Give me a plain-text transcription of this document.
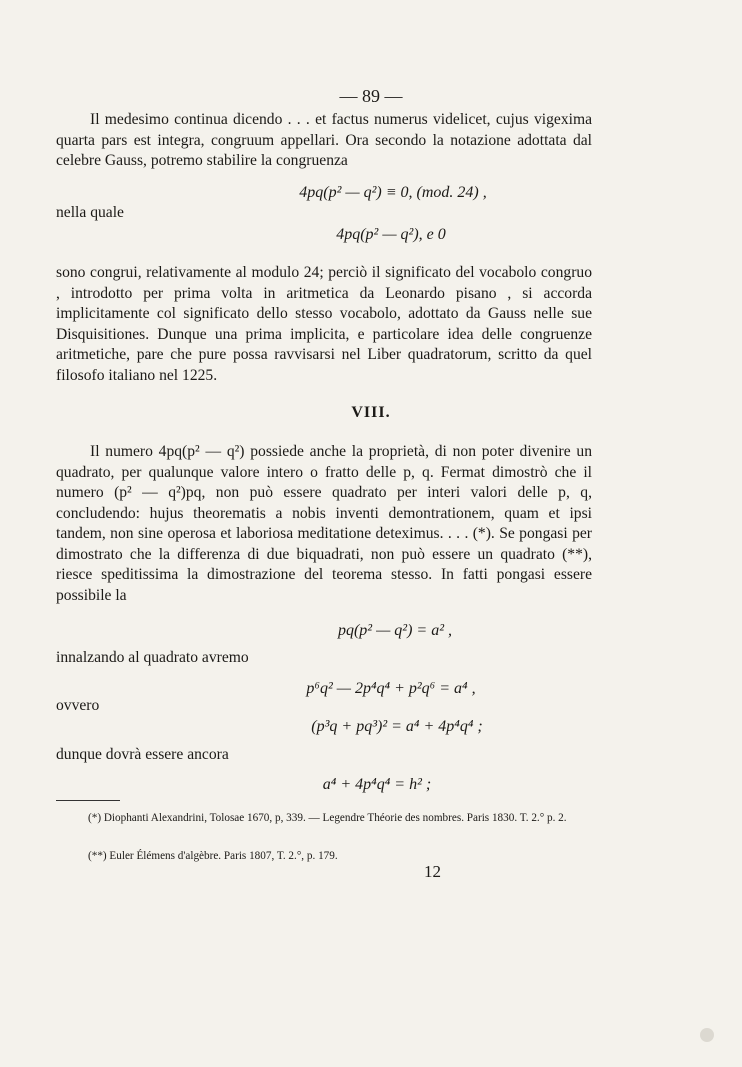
— 89 —

Il medesimo continua dicendo . . . et factus numerus videlicet, cujus vigexima quarta pars est integra, congruum appellari. Ora secondo la notazione adottata dal celebre Gauss, potremo stabilire la congruenza

4pq(p² — q²) ≡ 0, (mod. 24) ,
nella quale
4pq(p² — q²), e 0

sono congrui, relativamente al modulo 24; perciò il significato del vocabolo congruo , introdotto per prima volta in aritmetica da Leonardo pisano , si accorda implicitamente col significato dello stesso vocabolo, adottato da Gauss nelle sue Disquisitiones. Dunque una prima implicita, e particolare idea delle congruenze aritmetiche, pare che pure possa ravvisarsi nel Liber quadratorum, scritto da quel filosofo italiano nel 1225.

VIII.

Il numero 4pq(p² — q²) possiede anche la proprietà, di non poter divenire un quadrato, per qualunque valore intero o fratto delle p, q. Fermat dimostrò che il numero (p² — q²)pq, non può essere quadrato per interi valori delle p, q, concludendo: hujus theorematis a nobis inventi demontrationem, quam et ipsi tandem, non sine operosa et laboriosa meditatione deteximus. . . . (*). Se pongasi per dimostrato che la differenza di due biquadrati, non può essere un quadrato (**), riesce speditissima la dimostrazione del teorema stesso. In fatti pongasi essere possibile la

pq(p² — q²) = a² ,
innalzando al quadrato avremo
p⁶q² — 2p⁴q⁴ + p²q⁶ = a⁴ ,
ovvero
(p³q + pq³)² = a⁴ + 4p⁴q⁴ ;
dunque dovrà essere ancora
a⁴ + 4p⁴q⁴ = h² ;

(*) Diophanti Alexandrini, Tolosae 1670, p, 339. — Legendre Théorie des nombres. Paris 1830. T. 2.° p. 2.

(**) Euler Élémens d'algèbre. Paris 1807, T. 2.°, p. 179.

12
